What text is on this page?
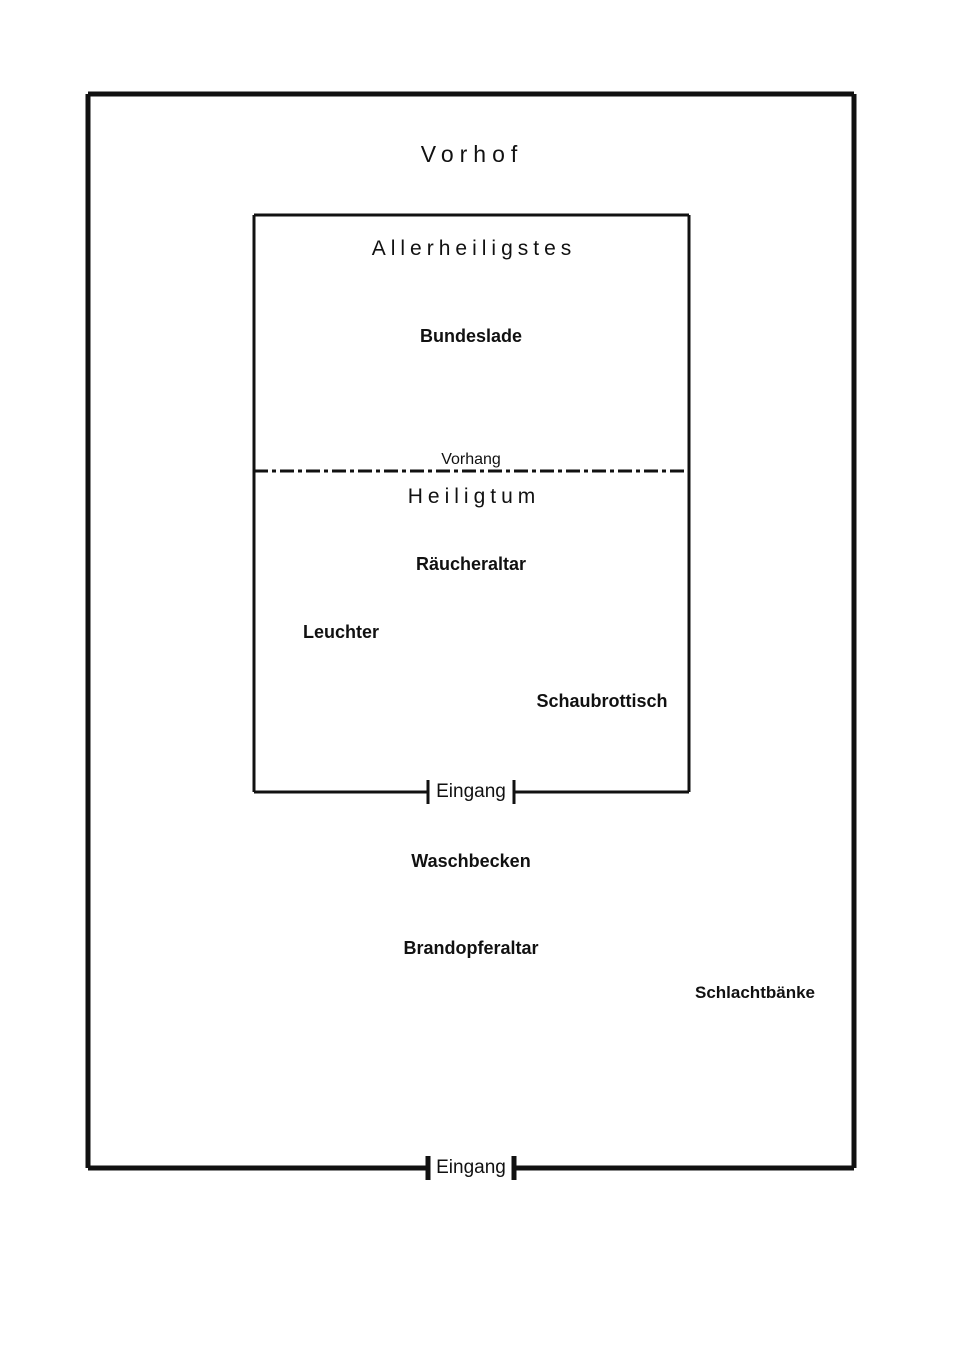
Vorhof
Allerheiligstes
Heiligtum
Vorhang
Bundeslade
Räucheraltar
Leuchter
Schaubrottisch
Waschbecken
Brandopferaltar
Schlachtbänke
Eingang
Eingang
